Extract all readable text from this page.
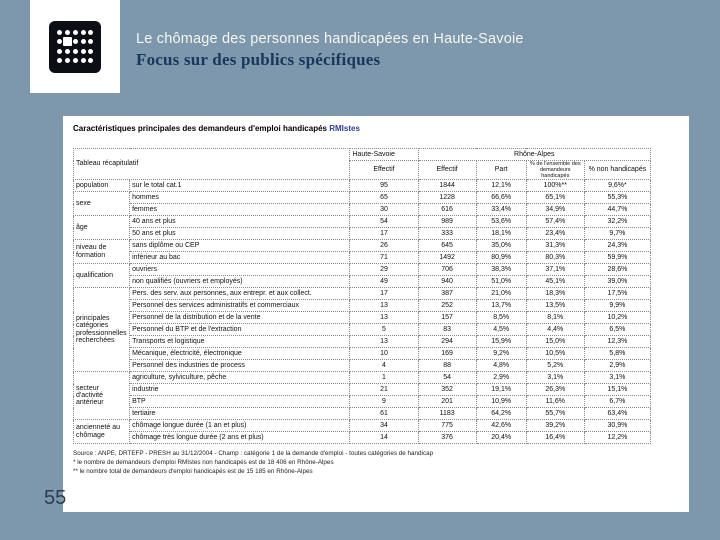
Le chômage des personnes handicapées en Haute-Savoie
Focus sur des publics spécifiques
Caractéristiques principales des demandeurs d'emploi handicapés RMIstes
Tableau récapitulatif		Haute-Savoie	Rhône-Alpes			
		Effectif	Effectif	Part	% de l'ensemble des demandeurs handicapés	% non handicapés
population	sur le total cat.1	95	1844	12,1%	100%**	9,6%*
sexe	hommes	65	1228	66,6%	65,1%	55,3%
	femmes	30	616	33,4%	34,9%	44,7%
âge	40 ans et plus	54	989	53,6%	57,4%	32,2%
	50 ans et plus	17	333	18,1%	23,4%	9,7%
niveau de formation	sans diplôme ou CEP	26	645	35,0%	31,3%	24,3%
	inférieur au bac	71	1492	80,9%	80,3%	59,9%
qualification	ouvriers	29	706	38,3%	37,1%	28,6%
	non qualifiés (ouvriers et employés)	49	940	51,0%	45,1%	39,0%
principales catégories professionnelles recherchées	Pers. des serv. aux personnes, aux entrepr. et aux collect.	17	387	21,0%	18,3%	17,5%
	Personnel des services administratifs et commerciaux	13	252	13,7%	13,5%	9,9%
	Personnel de la distribution et de la vente	13	157	8,5%	8,1%	10,2%
	Personnel du BTP et de l'extraction	5	83	4,5%	4,4%	6,5%
	Transports et logistique	13	294	15,9%	15,0%	12,3%
	Mécanique, électricité, électronique	10	169	9,2%	10,5%	5,8%
	Personnel des industries de process	4	88	4,8%	5,2%	2,9%
secteur d'activité antérieur	agriculture, sylviculture, pêche	1	54	2,9%	3,1%	3,1%
	industrie	21	352	19,1%	26,3%	15,1%
	BTP	9	201	10,9%	11,6%	6,7%
	tertiaire	61	1183	64,2%	55,7%	63,4%
ancienneté au chômage	chômage longue durée (1 an et plus)	34	775	42,6%	39,2%	30,9%
	chômage très longue durée (2 ans et plus)	14	376	20,4%	16,4%	12,2%
Source : ANPE, DRTEFP - PRESH au 31/12/2004 - Champ : catégorie 1 de la demande d'emploi - toutes catégories de handicap
* le nombre de demandeurs d'emploi RMIstes non handicapés est de 18 406 en Rhône-Alpes
** le nombre total de demandeurs d'emploi handicapés est de 15 185 en Rhône-Alpes
55
